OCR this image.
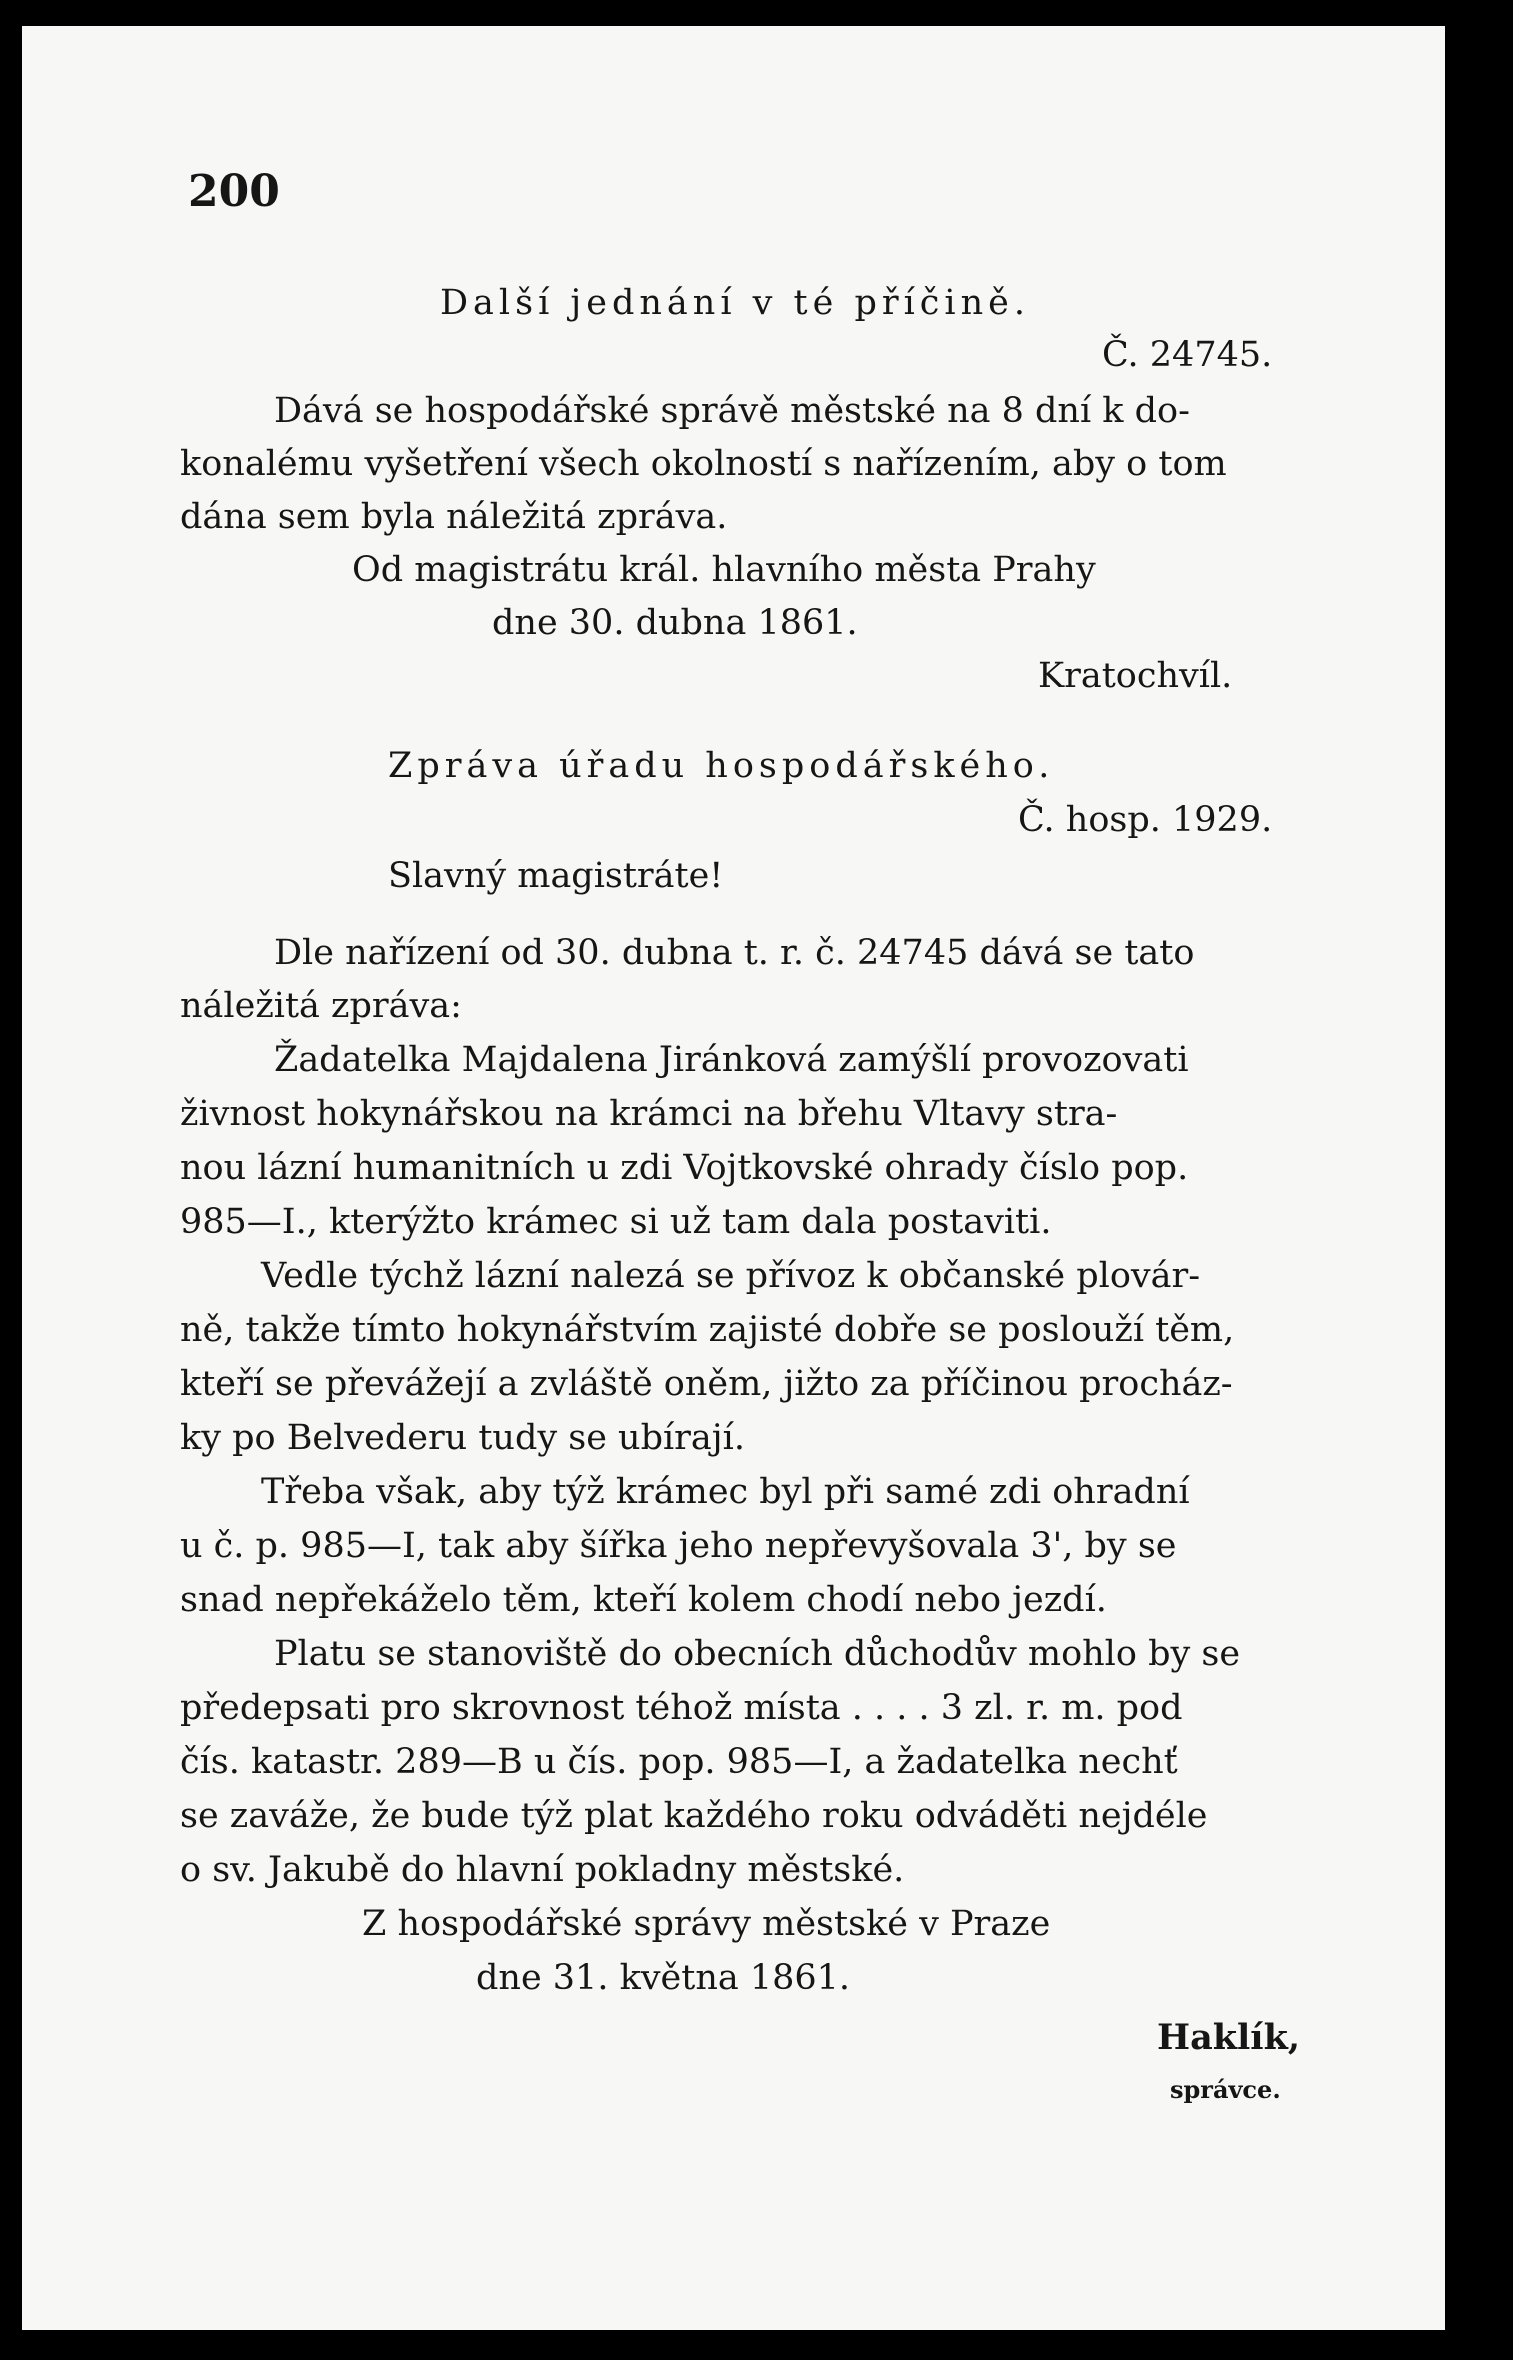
200
Další jednání v té příčině.
Č. 24745.
Dává se hospodářské správě městské na 8 dní k do-
konalému vyšetření všech okolností s nařízením, aby o tom
dána sem byla náležitá zpráva.
Od magistrátu král. hlavního města Prahy
dne 30. dubna 1861.
Kratochvíl.
Zpráva úřadu hospodářského.
Č. hosp. 1929.
Slavný magistráte!
Dle nařízení od 30. dubna t. r. č. 24745 dává se tato
náležitá zpráva:
Žadatelka Majdalena Jiránková zamýšlí provozovati
živnost hokynářskou na krámci na břehu Vltavy stra-
nou lázní humanitních u zdi Vojtkovské ohrady číslo pop.
985—I., kterýžto krámec si už tam dala postaviti.
Vedle týchž lázní nalezá se přívoz k občanské plovár-
ně, takže tímto hokynářstvím zajisté dobře se poslouží těm,
kteří se převážejí a zvláště oněm, jižto za příčinou procház-
ky po Belvederu tudy se ubírají.
Třeba však, aby týž krámec byl při samé zdi ohradní
u č. p. 985—I, tak aby šířka jeho nepřevyšovala 3', by se
snad nepřekáželo těm, kteří kolem chodí nebo jezdí.
Platu se stanoviště do obecních důchodův mohlo by se
předepsati pro skrovnost téhož místa . . . . 3 zl. r. m. pod
čís. katastr. 289—B u čís. pop. 985—I, a žadatelka nechť
se zaváže, že bude týž plat každého roku odváděti nejdéle
o sv. Jakubě do hlavní pokladny městské.
Z hospodářské správy městské v Praze
dne 31. května 1861.
Haklík,
správce.
